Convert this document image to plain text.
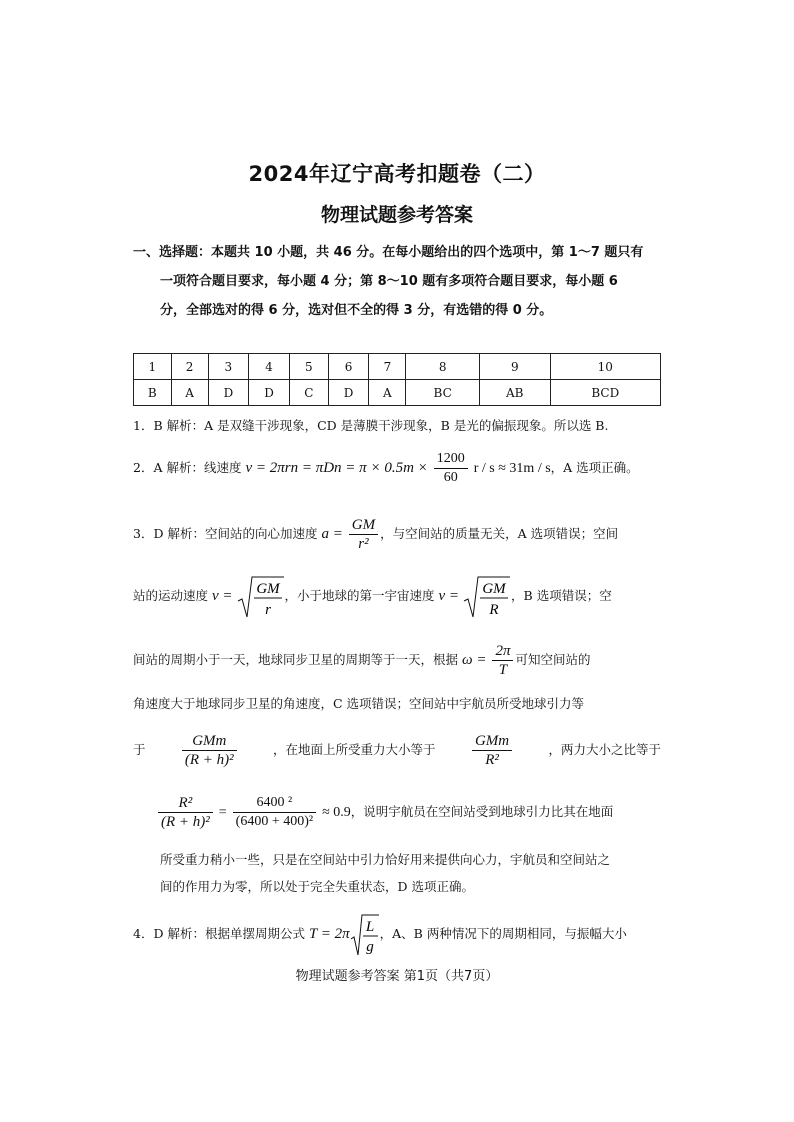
2024年辽宁高考扣题卷（二）
物理试题参考答案
一、选择题：本题共 10 小题，共 46 分。在每小题给出的四个选项中，第 1～7 题只有
一项符合题目要求，每小题 4 分；第 8～10 题有多项符合题目要求，每小题 6
分，全部选对的得 6 分，选对但不全的得 3 分，有选错的得 0 分。
1	2	3	4	5	6	7	8	9	10
B	A	D	D	C	D	A	BC	AB	BCD
1．B 解析：A 是双缝干涉现象，CD 是薄膜干涉现象，B 是光的偏振现象。所以选 B.
2．A 解析：线速度 $v = 2\pi rn = \pi Dn = \pi \times 0.5m \times \frac{1200}{60}$ r / s ≈ 31m / s，A 选项正确。
3．D 解析：空间站的向心加速度 $a = \frac{GM}{\text{r²}}$ ，与空间站的质量无关，A 选项错误；空间
站的运动速度 v = GM
r
，小于地球的第一宇宙速度 v = GM
R
，B 选项错误；空
间站的周期小于一天，地球同步卫星的周期等于一天，根据 $\omega = \frac{2\pi}{T}$ 可知空间站的
角速度大于地球同步卫星的角速度，C 选项错误；空间站中宇航员所受地球引力等
于 $\frac{\text{GMm}}{\text{(R + h)²}}$	，在地面上所受重力大小等于 $\frac{\text{GMm}}{\text{R²}}$	，两力大小之比等于
$\frac{\text{R²}}{\text{(R + h)²}} = \frac{\text{6400 ²}}{\text{(6400 + 400)²}} \approx 0.9$，说明宇航员在空间站受到地球引力比其在地面
所受重力稍小一些，只是在空间站中引力恰好用来提供向心力，宇航员和空间站之
间的作用力为零，所以处于完全失重状态，D 选项正确。
4．D 解析：根据单摆周期公式 T = 2π L
g
，A、B 两种情况下的周期相同，与振幅大小
物理试题参考答案 第1页（共7页）
